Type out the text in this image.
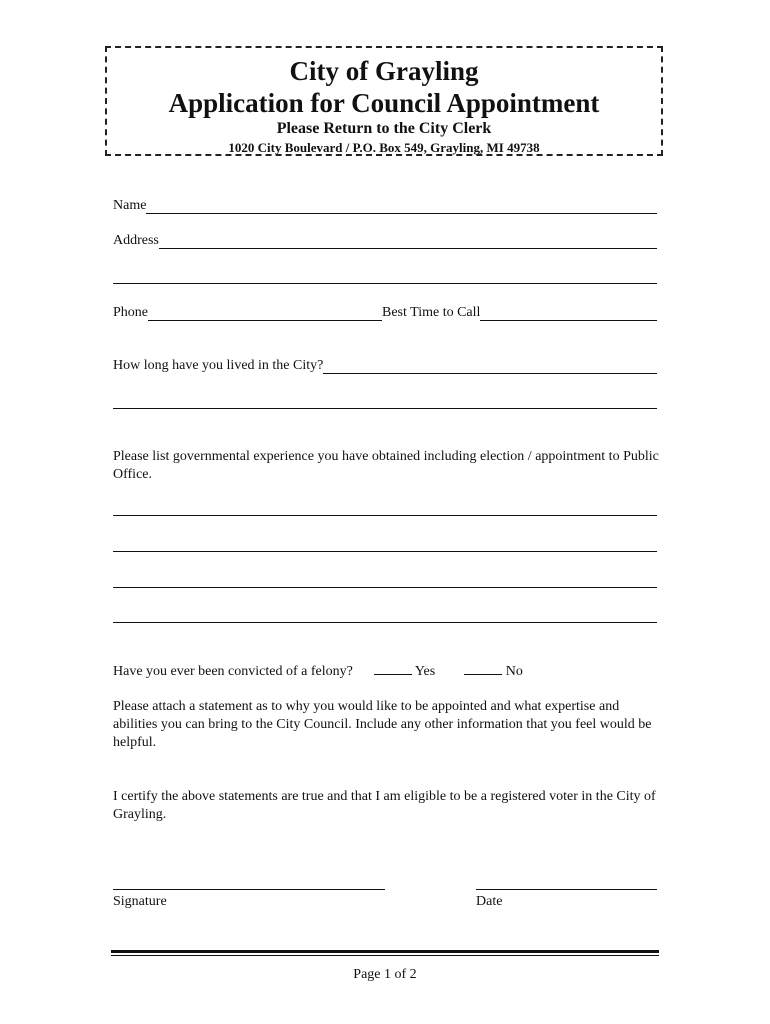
City of Grayling
Application for Council Appointment
Please Return to the City Clerk
1020 City Boulevard / P.O. Box 549, Grayling, MI 49738
Name
Address
Phone	Best Time to Call
How long have you lived in the City?
Please list governmental experience you have obtained including election / appointment to Public Office.
Have you ever been convicted of a felony?	Yes	No
Please attach a statement as to why you would like to be appointed and what expertise and abilities you can bring to the City Council. Include any other information that you feel would be helpful.
I certify the above statements are true and that I am eligible to be a registered voter in the City of Grayling.
Signature	Date
Page 1 of 2
